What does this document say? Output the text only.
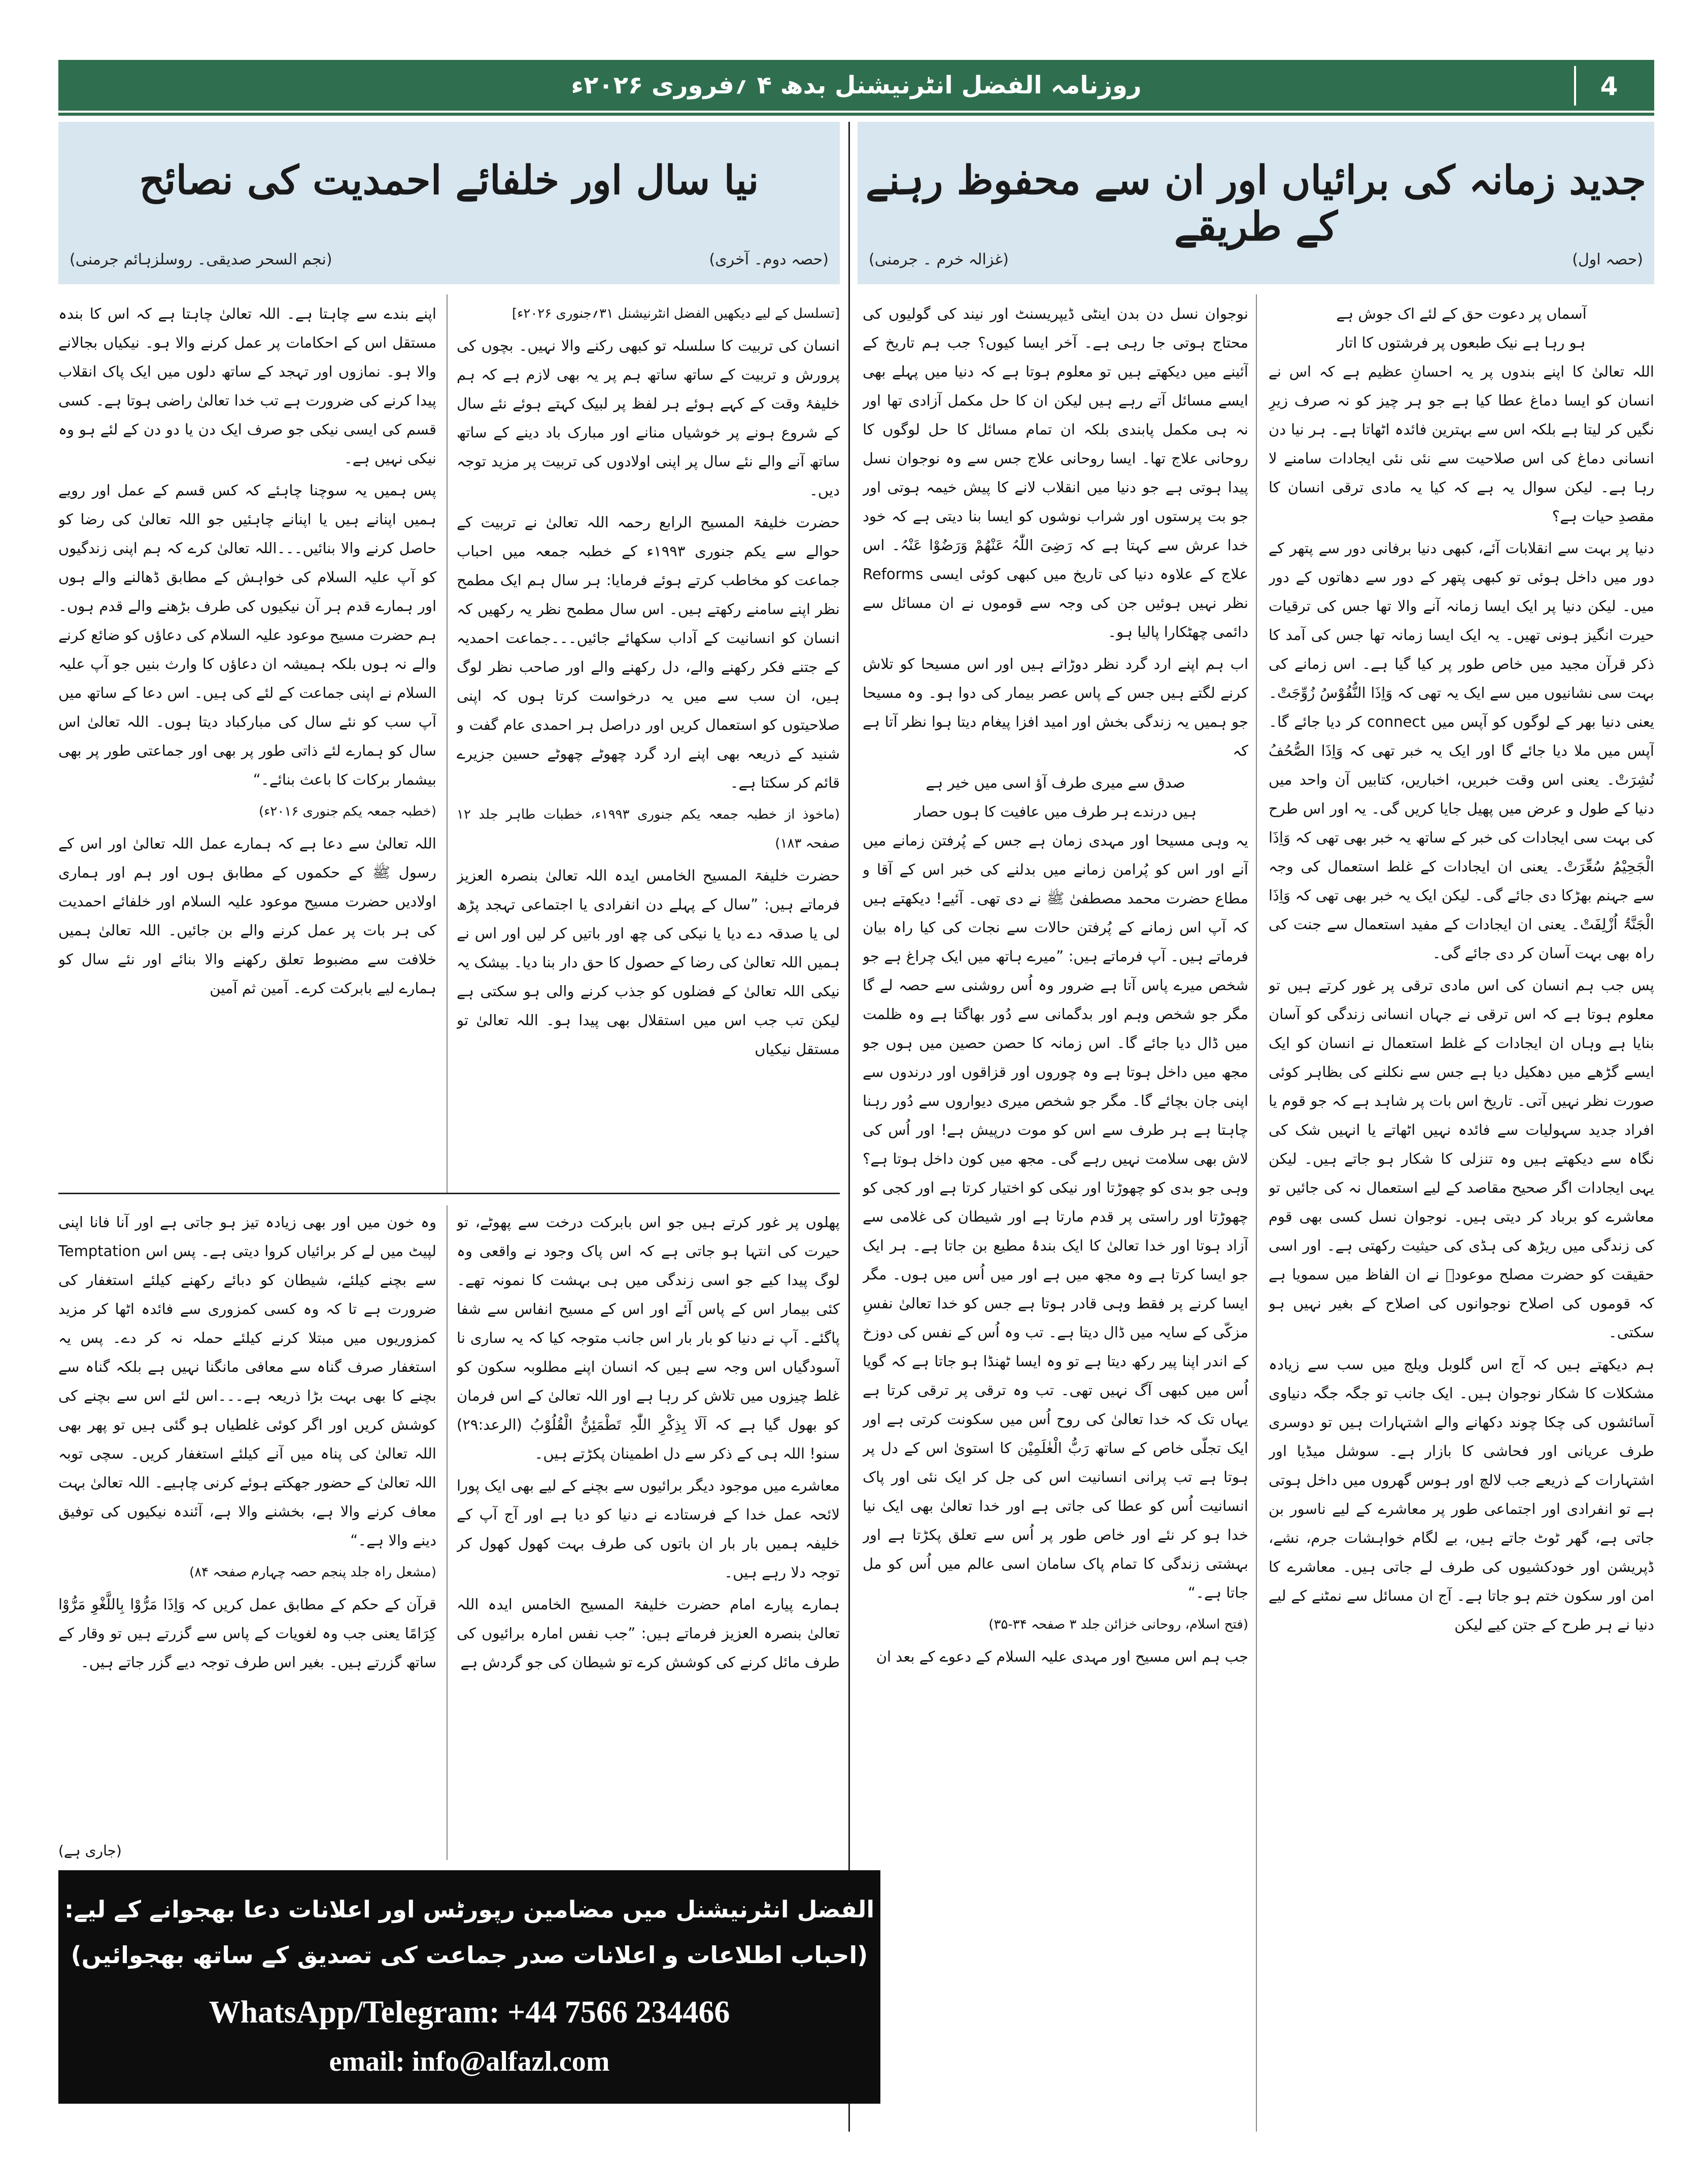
روزنامہ الفضل انٹرنیشنل بدھ ۴ ؍فروری ۲۰۲۶ء	4
جدید زمانہ کی برائیاں اور ان سے محفوظ رہنے کے طریقے
(حصہ اول)
(غزالہ خرم ۔ جرمنی)
نیا سال اور خلفائے احمدیت کی نصائح
(حصہ دوم۔ آخری)
(نجم السحر صدیقی۔ روسلزہائم جرمنی)

آسماں پر دعوت حق کے لئے اک جوش ہے

ہو رہا ہے نیک طبعوں پر فرشتوں کا اتار

اللہ تعالیٰ کا اپنے بندوں پر یہ احسانِ عظیم ہے کہ اس نے انسان کو ایسا دماغ عطا کیا ہے جو ہر چیز کو نہ صرف زیرِ نگیں کر لیتا ہے بلکہ اس سے بہترین فائدہ اٹھاتا ہے۔ ہر نیا دن انسانی دماغ کی اس صلاحیت سے نئی نئی ایجادات سامنے لا رہا ہے۔ لیکن سوال یہ ہے کہ کیا یہ مادی ترقی انسان کا مقصدِ حیات ہے؟

دنیا پر بہت سے انقلابات آئے، کبھی دنیا برفانی دور سے پتھر کے دور میں داخل ہوئی تو کبھی پتھر کے دور سے دھاتوں کے دور میں۔ لیکن دنیا پر ایک ایسا زمانہ آنے والا تھا جس کی ترقیات حیرت انگیز ہونی تھیں۔ یہ ایک ایسا زمانہ تھا جس کی آمد کا ذکر قرآن مجید میں خاص طور پر کیا گیا ہے۔ اس زمانے کی بہت سی نشانیوں میں سے ایک یہ تھی کہ وَاِذَا النُّفُوْسُ زُوِّجَتْ۔ یعنی دنیا بھر کے لوگوں کو آپس میں connect کر دیا جائے گا۔ آپس میں ملا دیا جائے گا اور ایک یہ خبر تھی کہ وَاِذَا الصُّحُفُ نُشِرَتْ۔ یعنی اس وقت خبریں، اخباریں، کتابیں آن واحد میں دنیا کے طول و عرض میں پھیل جایا کریں گی۔ یہ اور اس طرح کی بہت سی ایجادات کی خبر کے ساتھ یہ خبر بھی تھی کہ وَاِذَا الْجَحِیْمُ سُعِّرَتْ۔ یعنی ان ایجادات کے غلط استعمال کی وجہ سے جہنم بھڑکا دی جائے گی۔ لیکن ایک یہ خبر بھی تھی کہ وَاِذَا الْجَنَّۃُ اُزْلِفَتْ۔ یعنی ان ایجادات کے مفید استعمال سے جنت کی راہ بھی بہت آسان کر دی جائے گی۔

پس جب ہم انسان کی اس مادی ترقی پر غور کرتے ہیں تو معلوم ہوتا ہے کہ اس ترقی نے جہاں انسانی زندگی کو آسان بنایا ہے وہاں ان ایجادات کے غلط استعمال نے انسان کو ایک ایسے گڑھے میں دھکیل دیا ہے جس سے نکلنے کی بظاہر کوئی صورت نظر نہیں آتی۔ تاریخ اس بات پر شاہد ہے کہ جو قوم یا افراد جدید سہولیات سے فائدہ نہیں اٹھاتے یا انہیں شک کی نگاہ سے دیکھتے ہیں وہ تنزلی کا شکار ہو جاتے ہیں۔ لیکن یہی ایجادات اگر صحیح مقاصد کے لیے استعمال نہ کی جائیں تو معاشرے کو برباد کر دیتی ہیں۔ نوجوان نسل کسی بھی قوم کی زندگی میں ریڑھ کی ہڈی کی حیثیت رکھتی ہے۔ اور اسی حقیقت کو حضرت مصلح موعودؓ نے ان الفاظ میں سمویا ہے کہ قوموں کی اصلاح نوجوانوں کی اصلاح کے بغیر نہیں ہو سکتی۔

ہم دیکھتے ہیں کہ آج اس گلوبل ویلج میں سب سے زیادہ مشکلات کا شکار نوجوان ہیں۔ ایک جانب تو جگہ جگہ دنیاوی آسائشوں کی چکا چوند دکھانے والے اشتہارات ہیں تو دوسری طرف عریانی اور فحاشی کا بازار ہے۔ سوشل میڈیا اور اشتہارات کے ذریعے جب لالچ اور ہوس گھروں میں داخل ہوتی ہے تو انفرادی اور اجتماعی طور پر معاشرے کے لیے ناسور بن جاتی ہے، گھر ٹوٹ جاتے ہیں، بے لگام خواہشات جرم، نشے، ڈپریشن اور خودکشیوں کی طرف لے جاتی ہیں۔ معاشرے کا امن اور سکون ختم ہو جاتا ہے۔ آج ان مسائل سے نمٹنے کے لیے دنیا نے ہر طرح کے جتن کیے لیکن

نوجوان نسل دن بدن اینٹی ڈیپریسنٹ اور نیند کی گولیوں کی محتاج ہوتی جا رہی ہے۔ آخر ایسا کیوں؟ جب ہم تاریخ کے آئینے میں دیکھتے ہیں تو معلوم ہوتا ہے کہ دنیا میں پہلے بھی ایسے مسائل آتے رہے ہیں لیکن ان کا حل مکمل آزادی تھا اور نہ ہی مکمل پابندی بلکہ ان تمام مسائل کا حل لوگوں کا روحانی علاج تھا۔ ایسا روحانی علاج جس سے وہ نوجوان نسل پیدا ہوتی ہے جو دنیا میں انقلاب لانے کا پیش خیمہ ہوتی اور جو بت پرستوں اور شراب نوشوں کو ایسا بنا دیتی ہے کہ خود خدا عرش سے کہتا ہے کہ رَضِیَ اللّٰہُ عَنْھُمْ وَرَضُوْا عَنْہُ۔ اس علاج کے علاوہ دنیا کی تاریخ میں کبھی کوئی ایسی Reforms نظر نہیں ہوئیں جن کی وجہ سے قوموں نے ان مسائل سے دائمی چھٹکارا پالیا ہو۔

اب ہم اپنے ارد گرد نظر دوڑاتے ہیں اور اس مسیحا کو تلاش کرنے لگتے ہیں جس کے پاس عصر بیمار کی دوا ہو۔ وہ مسیحا جو ہمیں یہ زندگی بخش اور امید افزا پیغام دیتا ہوا نظر آتا ہے کہ

صدق سے میری طرف آؤ اسی میں خیر ہے

ہیں درندے ہر طرف میں عافیت کا ہوں حصار

یہ وہی مسیحا اور مہدی زمان ہے جس کے پُرفتن زمانے میں آنے اور اس کو پُرامن زمانے میں بدلنے کی خبر اس کے آقا و مطاع حضرت محمد مصطفیٰ ﷺ نے دی تھی۔ آئیے! دیکھتے ہیں کہ آپ اس زمانے کے پُرفتن حالات سے نجات کی کیا راہ بیان فرماتے ہیں۔ آپ فرماتے ہیں: ”میرے ہاتھ میں ایک چراغ ہے جو شخص میرے پاس آتا ہے ضرور وہ اُس روشنی سے حصہ لے گا مگر جو شخص وہم اور بدگمانی سے دُور بھاگتا ہے وہ ظلمت میں ڈال دیا جائے گا۔ اس زمانہ کا حصن حصین میں ہوں جو مجھ میں داخل ہوتا ہے وہ چوروں اور قزاقوں اور درندوں سے اپنی جان بچائے گا۔ مگر جو شخص میری دیواروں سے دُور رہنا چاہتا ہے ہر طرف سے اس کو موت درپیش ہے! اور اُس کی لاش بھی سلامت نہیں رہے گی۔ مجھ میں کون داخل ہوتا ہے؟ وہی جو بدی کو چھوڑتا اور نیکی کو اختیار کرتا ہے اور کجی کو چھوڑتا اور راستی پر قدم مارتا ہے اور شیطان کی غلامی سے آزاد ہوتا اور خدا تعالیٰ کا ایک بندۂ مطیع بن جاتا ہے۔ ہر ایک جو ایسا کرتا ہے وہ مجھ میں ہے اور میں اُس میں ہوں۔ مگر ایسا کرنے پر فقط وہی قادر ہوتا ہے جس کو خدا تعالیٰ نفسِ مزکّی کے سایہ میں ڈال دیتا ہے۔ تب وہ اُس کے نفس کی دوزخ کے اندر اپنا پیر رکھ دیتا ہے تو وہ ایسا ٹھنڈا ہو جاتا ہے کہ گویا اُس میں کبھی آگ نہیں تھی۔ تب وہ ترقی پر ترقی کرتا ہے یہاں تک کہ خدا تعالیٰ کی روح اُس میں سکونت کرتی ہے اور ایک تجلّی خاص کے ساتھ رَبُّ الْعٰلَمِیْن کا استویٰ اس کے دل پر ہوتا ہے تب پرانی انسانیت اس کی جل کر ایک نئی اور پاک انسانیت اُس کو عطا کی جاتی ہے اور خدا تعالیٰ بھی ایک نیا خدا ہو کر نئے اور خاص طور پر اُس سے تعلق پکڑتا ہے اور بہشتی زندگی کا تمام پاک سامان اسی عالم میں اُس کو مل جاتا ہے۔“

(فتح اسلام، روحانی خزائن جلد ۳ صفحہ ۳۴-۳۵)

جب ہم اس مسیح اور مہدی علیہ السلام کے دعوے کے بعد ان

[تسلسل کے لیے دیکھیں الفضل انٹرنیشنل ۳۱؍جنوری ۲۰۲۶ء]

انسان کی تربیت کا سلسلہ تو کبھی رکنے والا نہیں۔ بچوں کی پرورش و تربیت کے ساتھ ساتھ ہم پر یہ بھی لازم ہے کہ ہم خلیفۂ وقت کے کہے ہوئے ہر لفظ پر لبیک کہتے ہوئے نئے سال کے شروع ہونے پر خوشیاں منانے اور مبارک باد دینے کے ساتھ ساتھ آنے والے نئے سال پر اپنی اولادوں کی تربیت پر مزید توجہ دیں۔

حضرت خلیفۃ المسیح الرابع رحمہ اللہ تعالیٰ نے تربیت کے حوالے سے یکم جنوری ۱۹۹۳ء کے خطبہ جمعہ میں احباب جماعت کو مخاطب کرتے ہوئے فرمایا: ہر سال ہم ایک مطمح نظر اپنے سامنے رکھتے ہیں۔ اس سال مطمح نظر یہ رکھیں کہ انسان کو انسانیت کے آداب سکھائے جائیں۔۔۔جماعت احمدیہ کے جتنے فکر رکھنے والے، دل رکھنے والے اور صاحب نظر لوگ ہیں، ان سب سے میں یہ درخواست کرتا ہوں کہ اپنی صلاحیتوں کو استعمال کریں اور دراصل ہر احمدی عام گفت و شنید کے ذریعہ بھی اپنے ارد گرد چھوٹے چھوٹے حسین جزیرے قائم کر سکتا ہے۔

(ماخوذ از خطبہ جمعہ یکم جنوری ۱۹۹۳ء، خطبات طاہر جلد ۱۲ صفحہ ۱۸۳)

حضرت خلیفۃ المسیح الخامس ایدہ اللہ تعالیٰ بنصرہ العزیز فرماتے ہیں: ”سال کے پہلے دن انفرادی یا اجتماعی تہجد پڑھ لی یا صدقہ دے دیا یا نیکی کی چھ اور باتیں کر لیں اور اس نے ہمیں اللہ تعالیٰ کی رضا کے حصول کا حق دار بنا دیا۔ بیشک یہ نیکی اللہ تعالیٰ کے فضلوں کو جذب کرنے والی ہو سکتی ہے لیکن تب جب اس میں استقلال بھی پیدا ہو۔ اللہ تعالیٰ تو مستقل نیکیاں

اپنے بندے سے چاہتا ہے۔ اللہ تعالیٰ چاہتا ہے کہ اس کا بندہ مستقل اس کے احکامات پر عمل کرنے والا ہو۔ نیکیاں بجالانے والا ہو۔ نمازوں اور تہجد کے ساتھ دلوں میں ایک پاک انقلاب پیدا کرنے کی ضرورت ہے تب خدا تعالیٰ راضی ہوتا ہے۔ کسی قسم کی ایسی نیکی جو صرف ایک دن یا دو دن کے لئے ہو وہ نیکی نہیں ہے۔

پس ہمیں یہ سوچنا چاہئے کہ کس قسم کے عمل اور رویے ہمیں اپنانے ہیں یا اپنانے چاہئیں جو اللہ تعالیٰ کی رضا کو حاصل کرنے والا بنائیں۔۔۔اللہ تعالیٰ کرے کہ ہم اپنی زندگیوں کو آپ علیہ السلام کی خواہش کے مطابق ڈھالنے والے ہوں اور ہمارے قدم ہر آن نیکیوں کی طرف بڑھنے والے قدم ہوں۔ ہم حضرت مسیح موعود علیہ السلام کی دعاؤں کو ضائع کرنے والے نہ ہوں بلکہ ہمیشہ ان دعاؤں کا وارث بنیں جو آپ علیہ السلام نے اپنی جماعت کے لئے کی ہیں۔ اس دعا کے ساتھ میں آپ سب کو نئے سال کی مبارکباد دیتا ہوں۔ اللہ تعالیٰ اس سال کو ہمارے لئے ذاتی طور پر بھی اور جماعتی طور پر بھی بیشمار برکات کا باعث بنائے۔“

(خطبہ جمعہ یکم جنوری ۲۰۱۶ء)

اللہ تعالیٰ سے دعا ہے کہ ہمارے عمل اللہ تعالیٰ اور اس کے رسول ﷺ کے حکموں کے مطابق ہوں اور ہم اور ہماری اولادیں حضرت مسیح موعود علیہ السلام اور خلفائے احمدیت کی ہر بات پر عمل کرنے والے بن جائیں۔ اللہ تعالیٰ ہمیں خلافت سے مضبوط تعلق رکھنے والا بنائے اور نئے سال کو ہمارے لیے بابرکت کرے۔ آمین ثم آمین

پھلوں پر غور کرتے ہیں جو اس بابرکت درخت سے پھوٹے، تو حیرت کی انتہا ہو جاتی ہے کہ اس پاک وجود نے واقعی وہ لوگ پیدا کیے جو اسی زندگی میں ہی بہشت کا نمونہ تھے۔ کئی بیمار اس کے پاس آئے اور اس کے مسیح انفاس سے شفا پاگئے۔ آپ نے دنیا کو بار بار اس جانب متوجہ کیا کہ یہ ساری نا آسودگیاں اس وجہ سے ہیں کہ انسان اپنے مطلوبہ سکون کو غلط چیزوں میں تلاش کر رہا ہے اور اللہ تعالیٰ کے اس فرمان کو بھول گیا ہے کہ اَلَا بِذِکْرِ اللّٰہِ تَطْمَئِنُّ الْقُلُوْبُ (الرعد:۲۹) سنو! اللہ ہی کے ذکر سے دل اطمینان پکڑتے ہیں۔

معاشرے میں موجود دیگر برائیوں سے بچنے کے لیے بھی ایک پورا لائحہ عمل خدا کے فرستادے نے دنیا کو دیا ہے اور آج آپ کے خلیفہ ہمیں بار بار ان باتوں کی طرف بہت کھول کھول کر توجہ دلا رہے ہیں۔

ہمارے پیارے امام حضرت خلیفۃ المسیح الخامس ایدہ اللہ تعالیٰ بنصرہ العزیز فرماتے ہیں: ”جب نفس امارہ برائیوں کی طرف مائل کرنے کی کوشش کرے تو شیطان کی جو گردش ہے

وہ خون میں اور بھی زیادہ تیز ہو جاتی ہے اور آنا فانا اپنی لپیٹ میں لے کر برائیاں کروا دیتی ہے۔ پس اس Temptation سے بچنے کیلئے، شیطان کو دبائے رکھنے کیلئے استغفار کی ضرورت ہے تا کہ وہ کسی کمزوری سے فائدہ اٹھا کر مزید کمزوریوں میں مبتلا کرنے کیلئے حملہ نہ کر دے۔ پس یہ استغفار صرف گناہ سے معافی مانگنا نہیں ہے بلکہ گناہ سے بچنے کا بھی بہت بڑا ذریعہ ہے۔۔۔اس لئے اس سے بچنے کی کوشش کریں اور اگر کوئی غلطیاں ہو گئی ہیں تو پھر بھی اللہ تعالیٰ کی پناہ میں آنے کیلئے استغفار کریں۔ سچی توبہ اللہ تعالیٰ کے حضور جھکتے ہوئے کرنی چاہیے۔ اللہ تعالیٰ بہت معاف کرنے والا ہے، بخشنے والا ہے، آئندہ نیکیوں کی توفیق دینے والا ہے۔“

(مشعل راہ جلد پنجم حصہ چہارم صفحہ ۸۴)

قرآن کے حکم کے مطابق عمل کریں کہ وَاِذَا مَرُّوْا بِاللَّغْوِ مَرُّوْا کِرَامًا یعنی جب وہ لغویات کے پاس سے گزرتے ہیں تو وقار کے ساتھ گزرتے ہیں۔ بغیر اس طرف توجہ دیے گزر جاتے ہیں۔

(جاری ہے)
الفضل انٹرنیشنل میں مضامین رپورٹس اور اعلانات دعا بھجوانے کے لیے:
(احباب اطلاعات و اعلانات صدر جماعت کی تصدیق کے ساتھ بھجوائیں)
WhatsApp/Telegram: +44 7566 234466
email: info@alfazl.com
